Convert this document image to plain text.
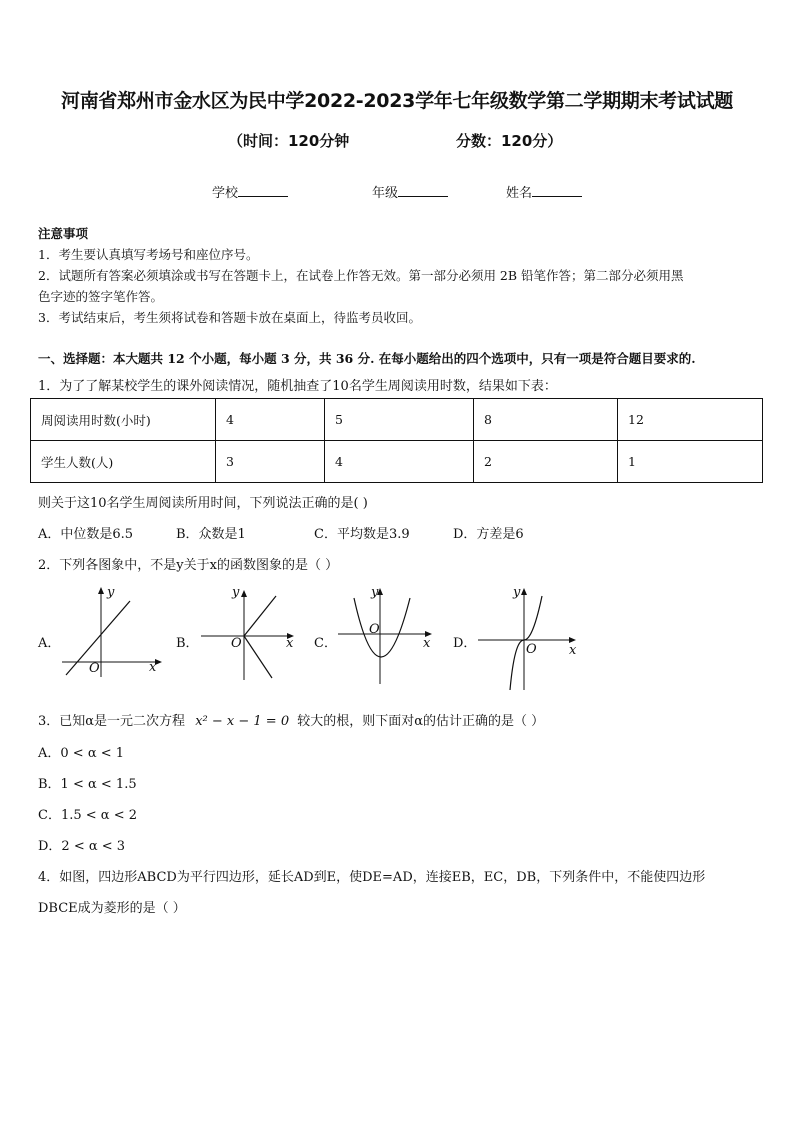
河南省郑州市金水区为民中学2022-2023学年七年级数学第二学期期末考试试题
（时间：120分钟	分数：120分）
学校	年级	姓名
注意事项
1．考生要认真填写考场号和座位序号。
2．试题所有答案必须填涂或书写在答题卡上，在试卷上作答无效。第一部分必须用 2B 铅笔作答；第二部分必须用黑
色字迹的签字笔作答。
3．考试结束后，考生须将试卷和答题卡放在桌面上，待监考员收回。
一、选择题：本大题共 12 个小题，每小题 3 分，共 36 分. 在每小题给出的四个选项中，只有一项是符合题目要求的.
1．为了了解某校学生的课外阅读情况，随机抽查了10名学生周阅读用时数，结果如下表：
周阅读用时数(小时)	4	5	8	12
学生人数(人)	3	4	2	1
则关于这10名学生周阅读所用时间，下列说法正确的是( )
A．中位数是6.5	B．众数是1	C．平均数是3.9	D．方差是6
2．下列各图象中，不是y关于x的函数图象的是（ ）
A．
y
x
O
B．
y
x
O	C．
y
x
O
D．
y
x
O
3．已知α是一元二次方程 x² − x − 1 = 0 较大的根，则下面对α的估计正确的是（ ）
A．0 < α < 1
B．1 < α < 1.5
C．1.5 < α < 2
D．2 < α < 3
4．如图，四边形ABCD为平行四边形，延长AD到E，使DE=AD，连接EB，EC，DB，下列条件中，不能使四边形
DBCE成为菱形的是（ ）
